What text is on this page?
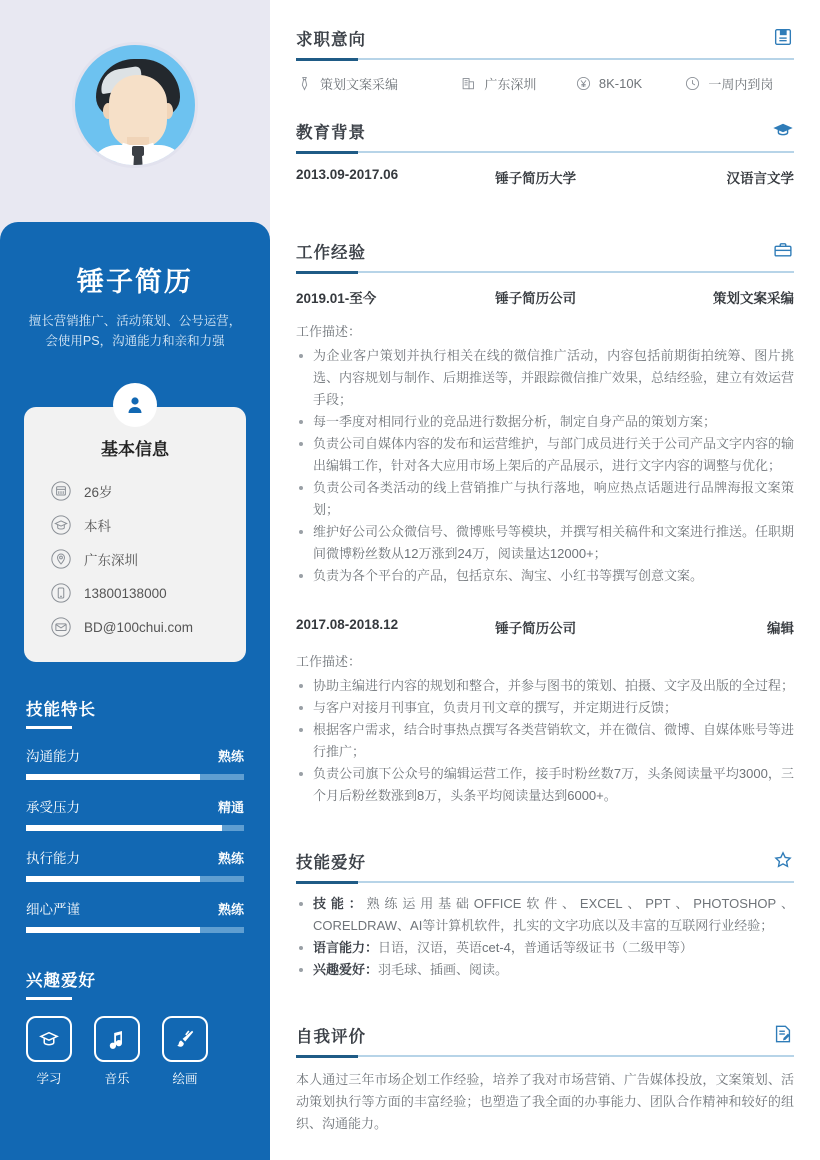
锤子简历
擅长营销推广、活动策划、公号运营，会使用PS，沟通能力和亲和力强
基本信息
26岁
本科
广东深圳
13800138000
BD@100chui.com
技能特长
沟通能力	熟练
承受压力	精通
执行能力	熟练
细心严谨	熟练
兴趣爱好
学习	音乐	绘画
求职意向
策划文案采编	广东深圳	8K-10K	一周内到岗
教育背景
2013.09-2017.06	锤子简历大学	汉语言文学
工作经验
2019.01-至今	锤子简历公司	策划文案采编
工作描述：
为企业客户策划并执行相关在线的微信推广活动，内容包括前期街拍统筹、图片挑选、内容规划与制作、后期推送等，并跟踪微信推广效果，总结经验，建立有效运营手段；
每一季度对相同行业的竞品进行数据分析，制定自身产品的策划方案；
负责公司自媒体内容的发布和运营维护，与部门成员进行关于公司产品文字内容的输出编辑工作，针对各大应用市场上架后的产品展示，进行文字内容的调整与优化；
负责公司各类活动的线上营销推广与执行落地，响应热点话题进行品牌海报文案策划；
维护好公司公众微信号、微博账号等模块，并撰写相关稿件和文案进行推送。任职期间微博粉丝数从12万涨到24万，阅读量达12000+；
负责为各个平台的产品，包括京东、淘宝、小红书等撰写创意文案。
2017.08-2018.12	锤子简历公司	编辑
工作描述：
协助主编进行内容的规划和整合，并参与图书的策划、拍摄、文字及出版的全过程；
与客户对接月刊事宜，负责月刊文章的撰写，并定期进行反馈；
根据客户需求，结合时事热点撰写各类营销软文，并在微信、微博、自媒体账号等进行推广；
负责公司旗下公众号的编辑运营工作，接手时粉丝数7万，头条阅读量平均3000，三个月后粉丝数涨到8万，头条平均阅读量达到6000+。
技能爱好
技能：熟练运用基础OFFICE软件、EXCEL、PPT、PHOTOSHOP、CORELDRAW、AI等计算机软件，扎实的文字功底以及丰富的互联网行业经验；
语言能力：日语，汉语，英语cet-4，普通话等级证书（二级甲等）
兴趣爱好：羽毛球、插画、阅读。
自我评价
本人通过三年市场企划工作经验，培养了我对市场营销、广告媒体投放，文案策划、活动策划执行等方面的丰富经验；也塑造了我全面的办事能力、团队合作精神和较好的组织、沟通能力。
